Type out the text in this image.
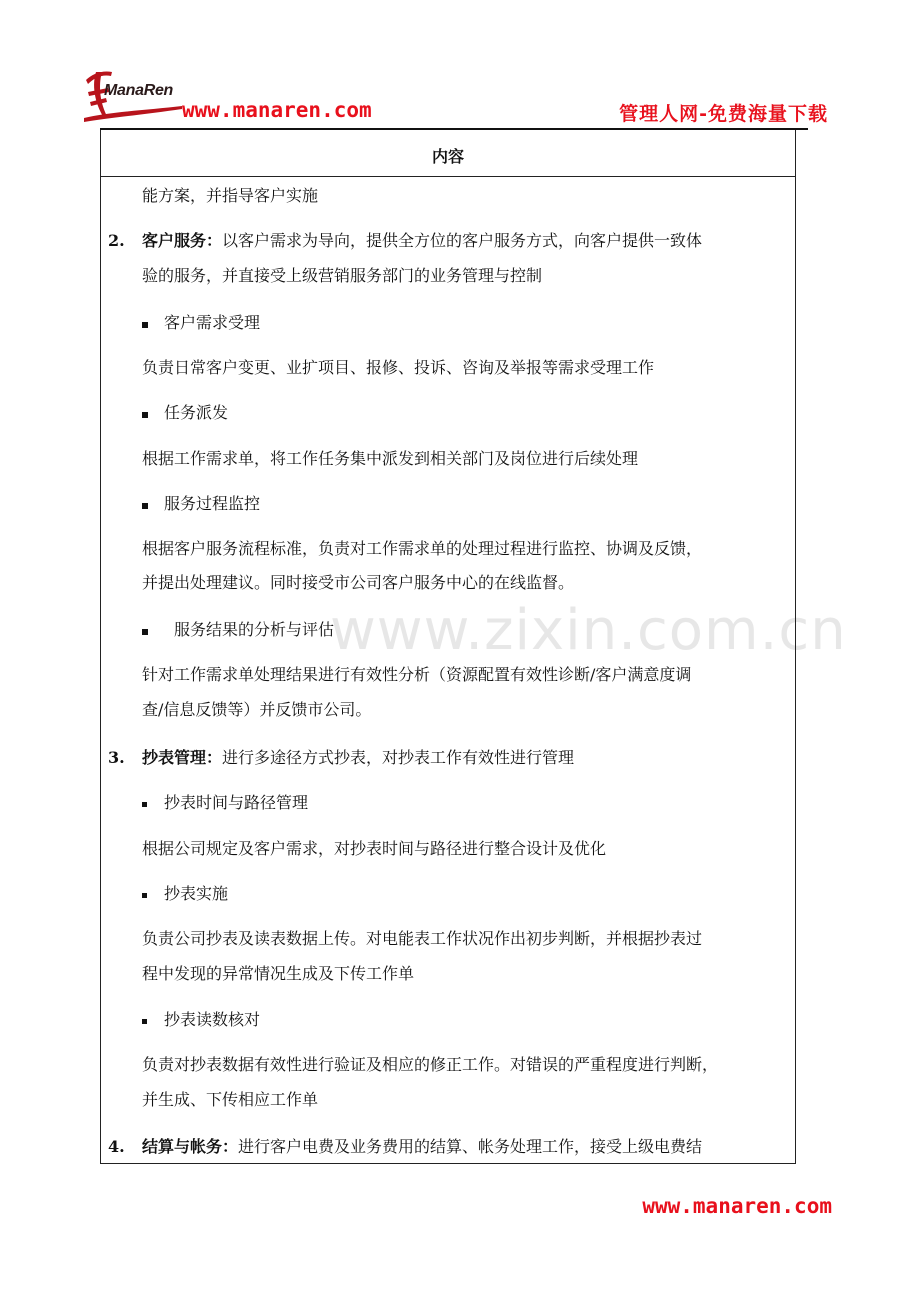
ManaRen
www.manaren.com	管理人网-免费海量下载
www.zixin.com.cn
内容
能方案，并指导客户实施
2. 客户服务：以客户需求为导向，提供全方位的客户服务方式，向客户提供一致体
验的服务，并直接受上级营销服务部门的业务管理与控制
客户需求受理
负责日常客户变更、业扩项目、报修、投诉、咨询及举报等需求受理工作
任务派发
根据工作需求单，将工作任务集中派发到相关部门及岗位进行后续处理
服务过程监控
根据客户服务流程标准，负责对工作需求单的处理过程进行监控、协调及反馈，
并提出处理建议。同时接受市公司客户服务中心的在线监督。
服务结果的分析与评估
针对工作需求单处理结果进行有效性分析（资源配置有效性诊断/客户满意度调
查/信息反馈等）并反馈市公司。
3. 抄表管理：进行多途径方式抄表，对抄表工作有效性进行管理
抄表时间与路径管理
根据公司规定及客户需求，对抄表时间与路径进行整合设计及优化
抄表实施
负责公司抄表及读表数据上传。对电能表工作状况作出初步判断，并根据抄表过
程中发现的异常情况生成及下传工作单
抄表读数核对
负责对抄表数据有效性进行验证及相应的修正工作。对错误的严重程度进行判断，
并生成、下传相应工作单
4. 结算与帐务：进行客户电费及业务费用的结算、帐务处理工作，接受上级电费结
www.manaren.com
